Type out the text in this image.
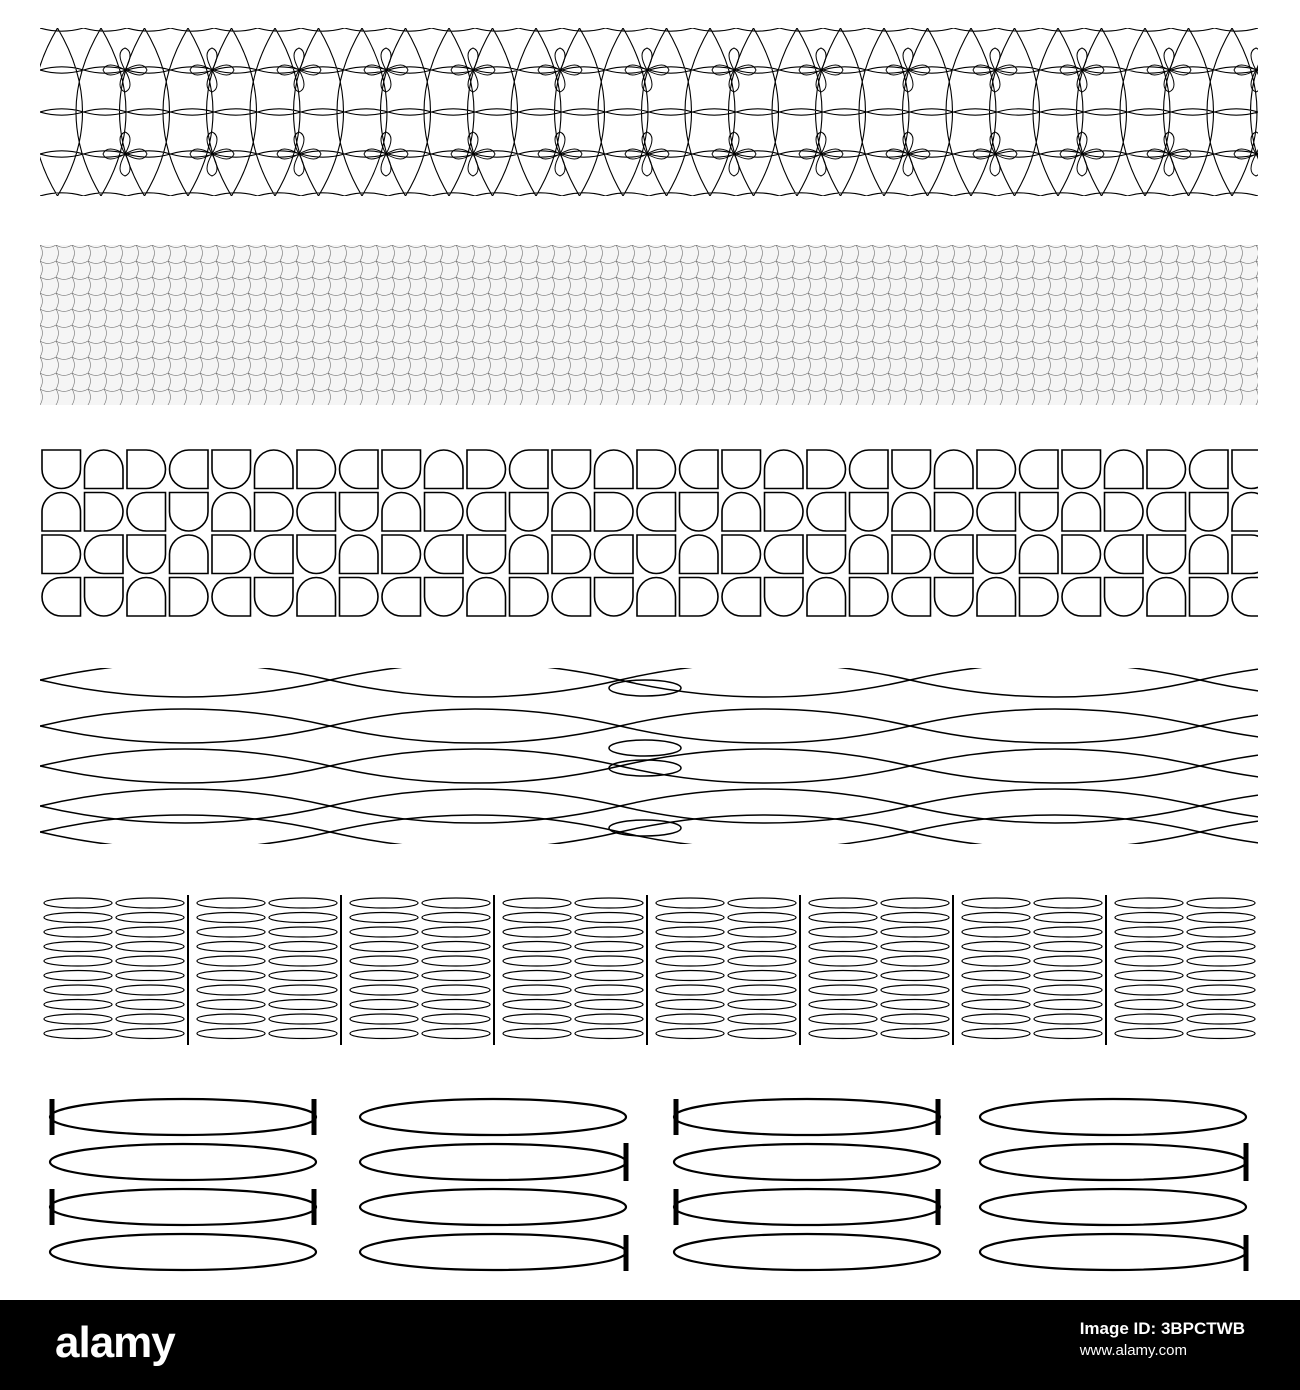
alamy	Image ID: 3BPCTWB
www.alamy.com
